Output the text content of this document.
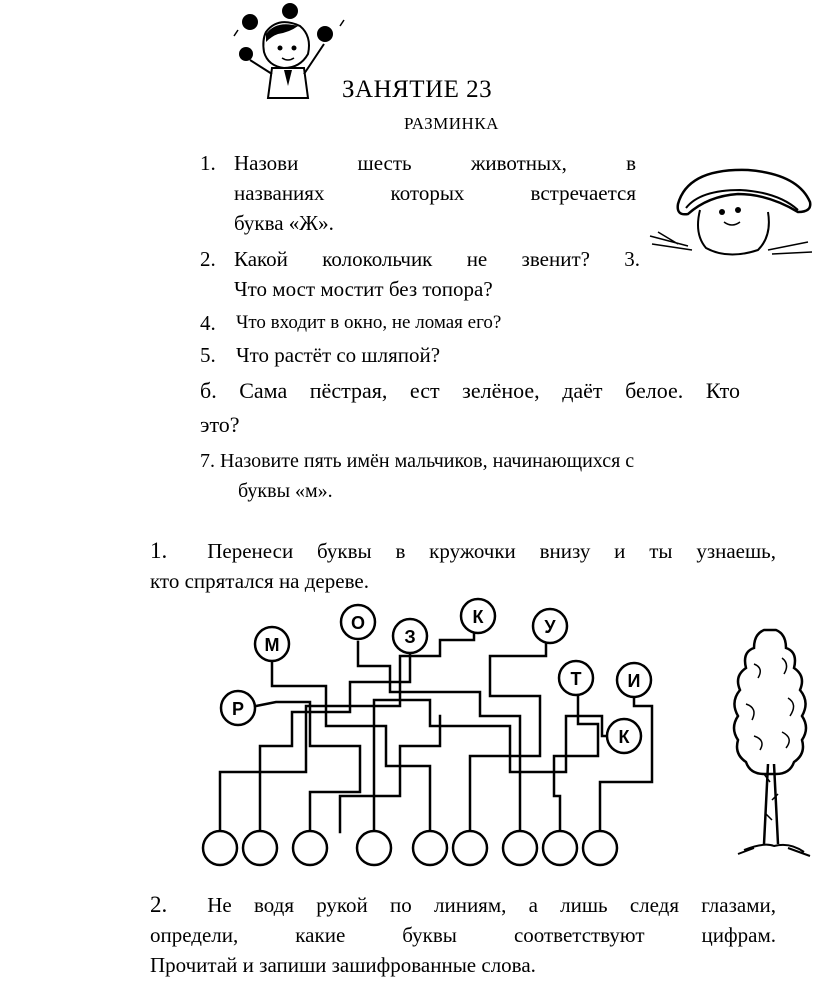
ЗАНЯТИЕ 23
РАЗМИНКА
1. Назови шесть животных, в
названиях которых встречается
буква «Ж».
2. Какой колокольчик не звенит? 3.
Что мост мостит без топора?
4. Что входит в окно, не ломая его?
5. Что растёт со шляпой?
б. Сама пёстрая, ест зелёное, даёт белое. Кто
это?
7. Назовите пять имён мальчиков, начинающихся с
буквы «м».
1. Перенеси буквы в кружочки внизу и ты узнаешь,
кто спрятался на дереве.
М
О
З
К	У
Р
Т	И
К
2. Не водя рукой по линиям, а лишь следя глазами,
определи, какие буквы соответствуют цифрам.
Прочитай и запиши зашифрованные слова.
